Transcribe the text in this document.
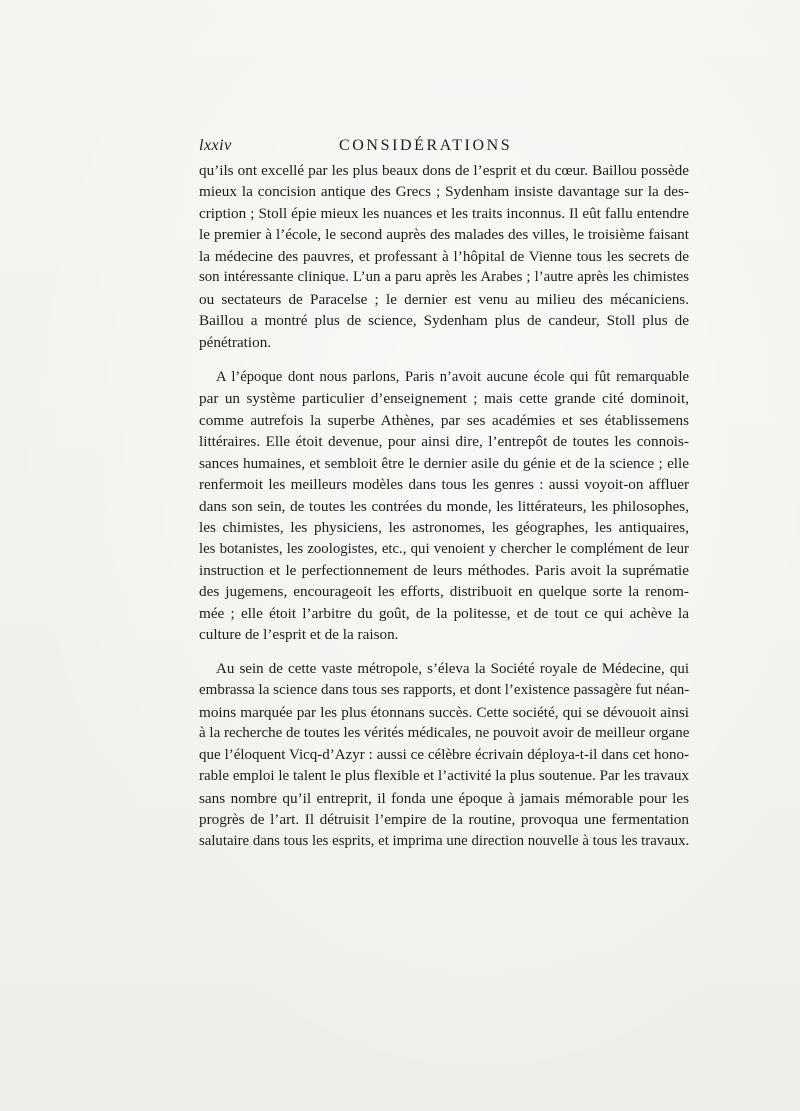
lxxiv	CONSIDÉRATIONS
qu’ils ont excellé par les plus beaux dons de l’esprit et du cœur. Baillou possède
mieux la concision antique des Grecs ; Sydenham insiste davantage sur la des-
cription ; Stoll épie mieux les nuances et les traits inconnus. Il eût fallu entendre
le premier à l’école, le second auprès des malades des villes, le troisième faisant
la médecine des pauvres, et professant à l’hôpital de Vienne tous les secrets de
son intéressante clinique. L’un a paru après les Arabes ; l’autre après les chimistes
ou sectateurs de Paracelse ; le dernier est venu au milieu des mécaniciens.
Baillou a montré plus de science, Sydenham plus de candeur, Stoll plus de
pénétration.
A l’époque dont nous parlons, Paris n’avoit aucune école qui fût remarquable
par un système particulier d’enseignement ; mais cette grande cité dominoit,
comme autrefois la superbe Athènes, par ses académies et ses établissemens
littéraires. Elle étoit devenue, pour ainsi dire, l’entrepôt de toutes les connois-
sances humaines, et sembloit être le dernier asile du génie et de la science ; elle
renfermoit les meilleurs modèles dans tous les genres : aussi voyoit-on affluer
dans son sein, de toutes les contrées du monde, les littérateurs, les philosophes,
les chimistes, les physiciens, les astronomes, les géographes, les antiquaires,
les botanistes, les zoologistes, etc., qui venoient y chercher le complément de leur
instruction et le perfectionnement de leurs méthodes. Paris avoit la suprématie
des jugemens, encourageoit les efforts, distribuoit en quelque sorte la renom-
mée ; elle étoit l’arbitre du goût, de la politesse, et de tout ce qui achève la
culture de l’esprit et de la raison.
Au sein de cette vaste métropole, s’éleva la Société royale de Médecine, qui
embrassa la science dans tous ses rapports, et dont l’existence passagère fut néan-
moins marquée par les plus étonnans succès. Cette société, qui se dévouoit ainsi
à la recherche de toutes les vérités médicales, ne pouvoit avoir de meilleur organe
que l’éloquent Vicq-d’Azyr : aussi ce célèbre écrivain déploya-t-il dans cet hono-
rable emploi le talent le plus flexible et l’activité la plus soutenue. Par les travaux
sans nombre qu’il entreprit, il fonda une époque à jamais mémorable pour les
progrès de l’art. Il détruisit l’empire de la routine, provoqua une fermentation
salutaire dans tous les esprits, et imprima une direction nouvelle à tous les travaux.
